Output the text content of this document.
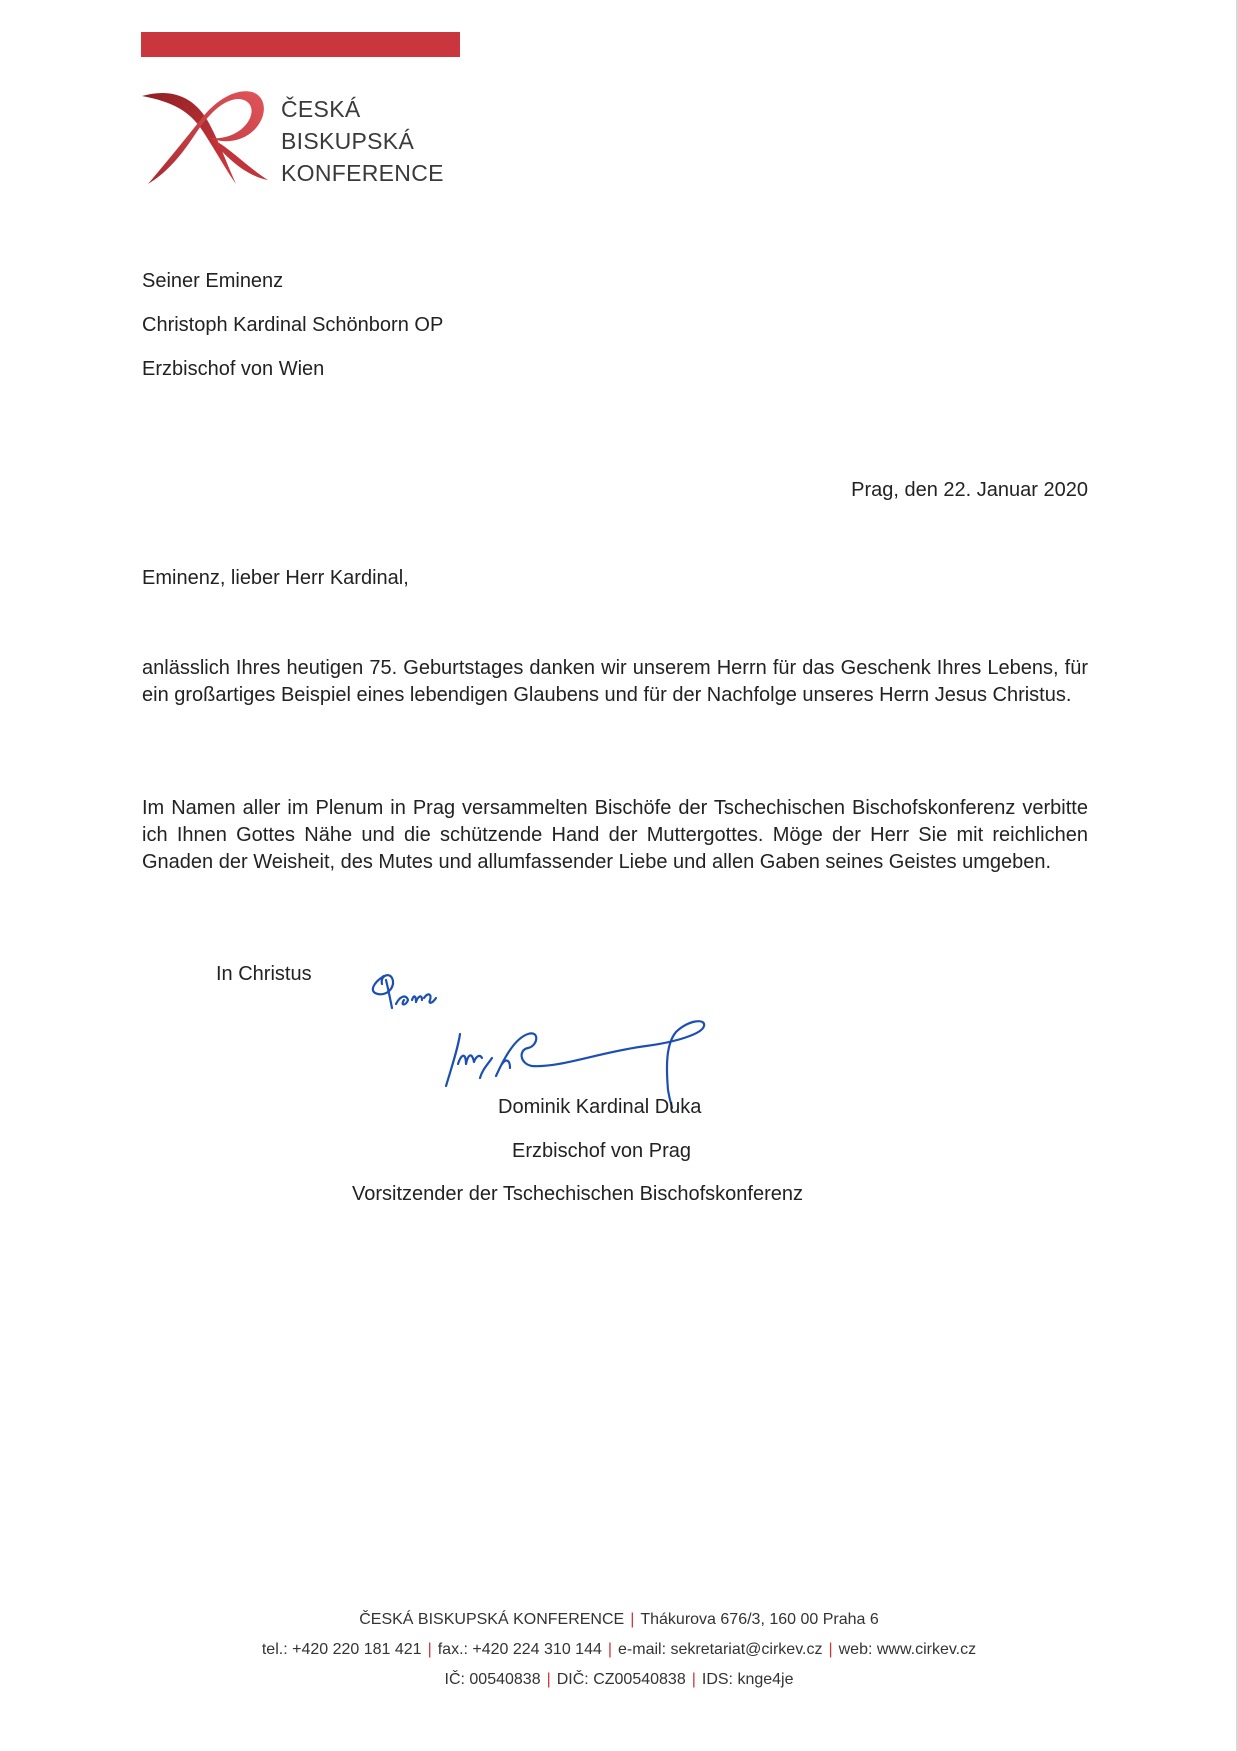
ČESKÁ
BISKUPSKÁ
KONFERENCE
Seiner Eminenz
Christoph Kardinal Schönborn OP
Erzbischof von Wien
Prag, den 22. Januar 2020
Eminenz, lieber Herr Kardinal,
anlässlich Ihres heutigen 75. Geburtstages danken wir unserem Herrn für das Geschenk Ihres Lebens, für ein großartiges Beispiel eines lebendigen Glaubens und für der Nachfolge unseres Herrn Jesus Christus.
Im Namen aller im Plenum in Prag versammelten Bischöfe der Tschechischen Bischofskonferenz verbitte ich Ihnen Gottes Nähe und die schützende Hand der Muttergottes. Möge der Herr Sie mit reichlichen Gnaden der Weisheit, des Mutes und allumfassender Liebe und allen Gaben seines Geistes umgeben.
In Christus
Dominik Kardinal Duka
Erzbischof von Prag
Vorsitzender der Tschechischen Bischofskonferenz
ČESKÁ BISKUPSKÁ KONFERENCE | Thákurova 676/3, 160 00 Praha 6
tel.: +420 220 181 421 | fax.: +420 224 310 144 | e-mail: sekretariat@cirkev.cz | web: www.cirkev.cz
IČ: 00540838 | DIČ: CZ00540838 | IDS: knge4je
